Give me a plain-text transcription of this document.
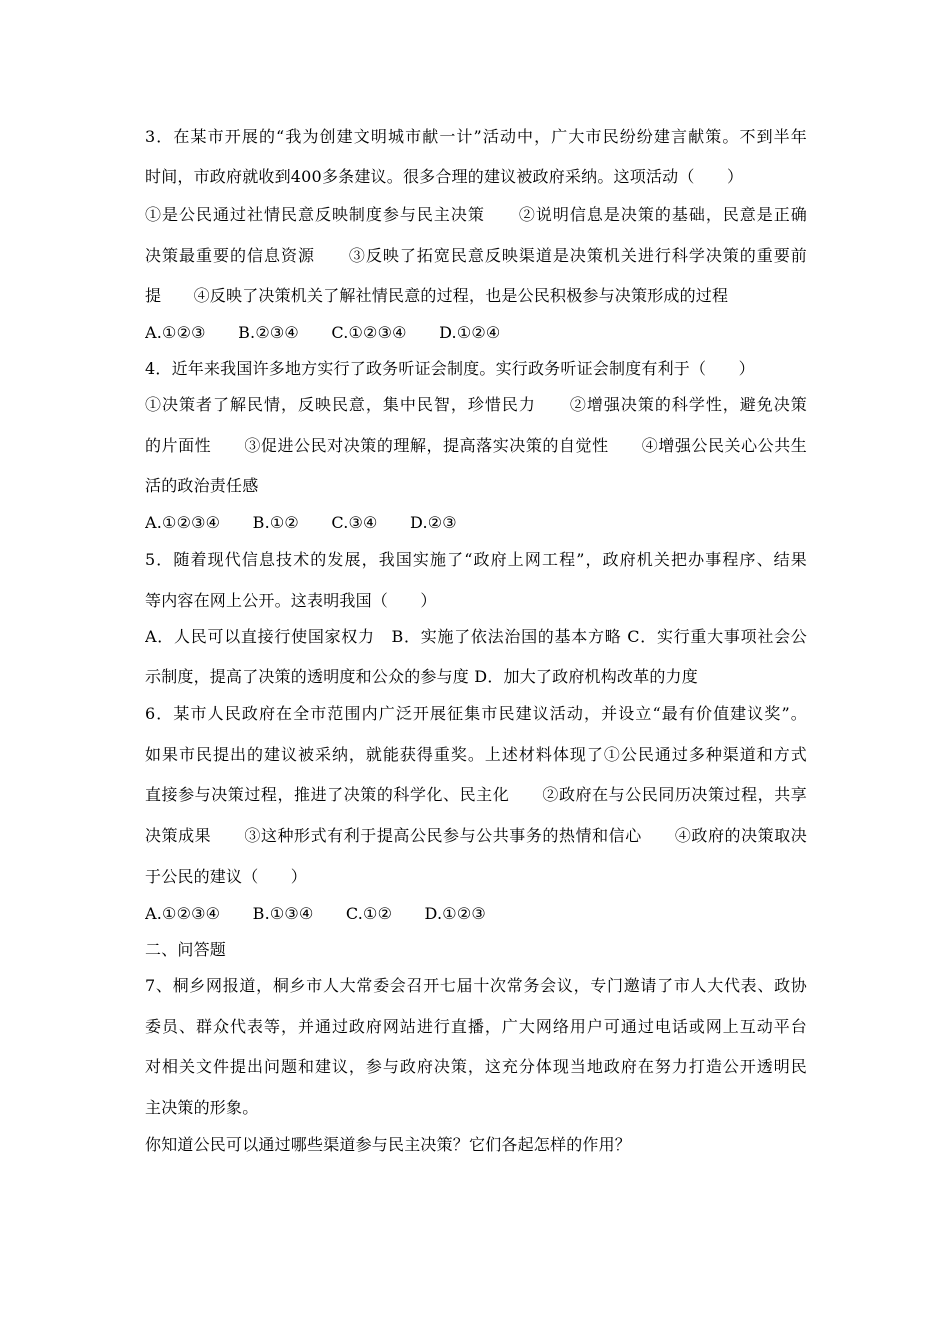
3．在某市开展的“我为创建文明城市献一计”活动中，广大市民纷纷建言献策。不到半年
时间，市政府就收到400多条建议。很多合理的建议被政府采纳。这项活动（　　）
①是公民通过社情民意反映制度参与民主决策　　②说明信息是决策的基础，民意是正确
决策最重要的信息资源　　③反映了拓宽民意反映渠道是决策机关进行科学决策的重要前
提　　④反映了决策机关了解社情民意的过程，也是公民积极参与决策形成的过程
A.①②③　　B.②③④　　C.①②③④　　D.①②④
4．近年来我国许多地方实行了政务听证会制度。实行政务听证会制度有利于（　　）
①决策者了解民情，反映民意，集中民智，珍惜民力　　②增强决策的科学性，避免决策
的片面性　　③促进公民对决策的理解，提高落实决策的自觉性　　④增强公民关心公共生
活的政治责任感
A.①②③④　　B.①②　　C.③④　　D.②③
5．随着现代信息技术的发展，我国实施了“政府上网工程”，政府机关把办事程序、结果
等内容在网上公开。这表明我国（　　）
A．人民可以直接行使国家权力　B．实施了依法治国的基本方略 C．实行重大事项社会公
示制度，提高了决策的透明度和公众的参与度 D．加大了政府机构改革的力度
6．某市人民政府在全市范围内广泛开展征集市民建议活动，并设立“最有价值建议奖”。
如果市民提出的建议被采纳，就能获得重奖。上述材料体现了①公民通过多种渠道和方式
直接参与决策过程，推进了决策的科学化、民主化　　②政府在与公民同历决策过程，共享
决策成果　　③这种形式有利于提高公民参与公共事务的热情和信心　　④政府的决策取决
于公民的建议（　　）
A.①②③④　　B.①③④　　C.①②　　D.①②③
二、问答题
7、桐乡网报道，桐乡市人大常委会召开七届十次常务会议，专门邀请了市人大代表、政协
委员、群众代表等，并通过政府网站进行直播，广大网络用户可通过电话或网上互动平台
对相关文件提出问题和建议，参与政府决策，这充分体现当地政府在努力打造公开透明民
主决策的形象。
你知道公民可以通过哪些渠道参与民主决策？它们各起怎样的作用？
